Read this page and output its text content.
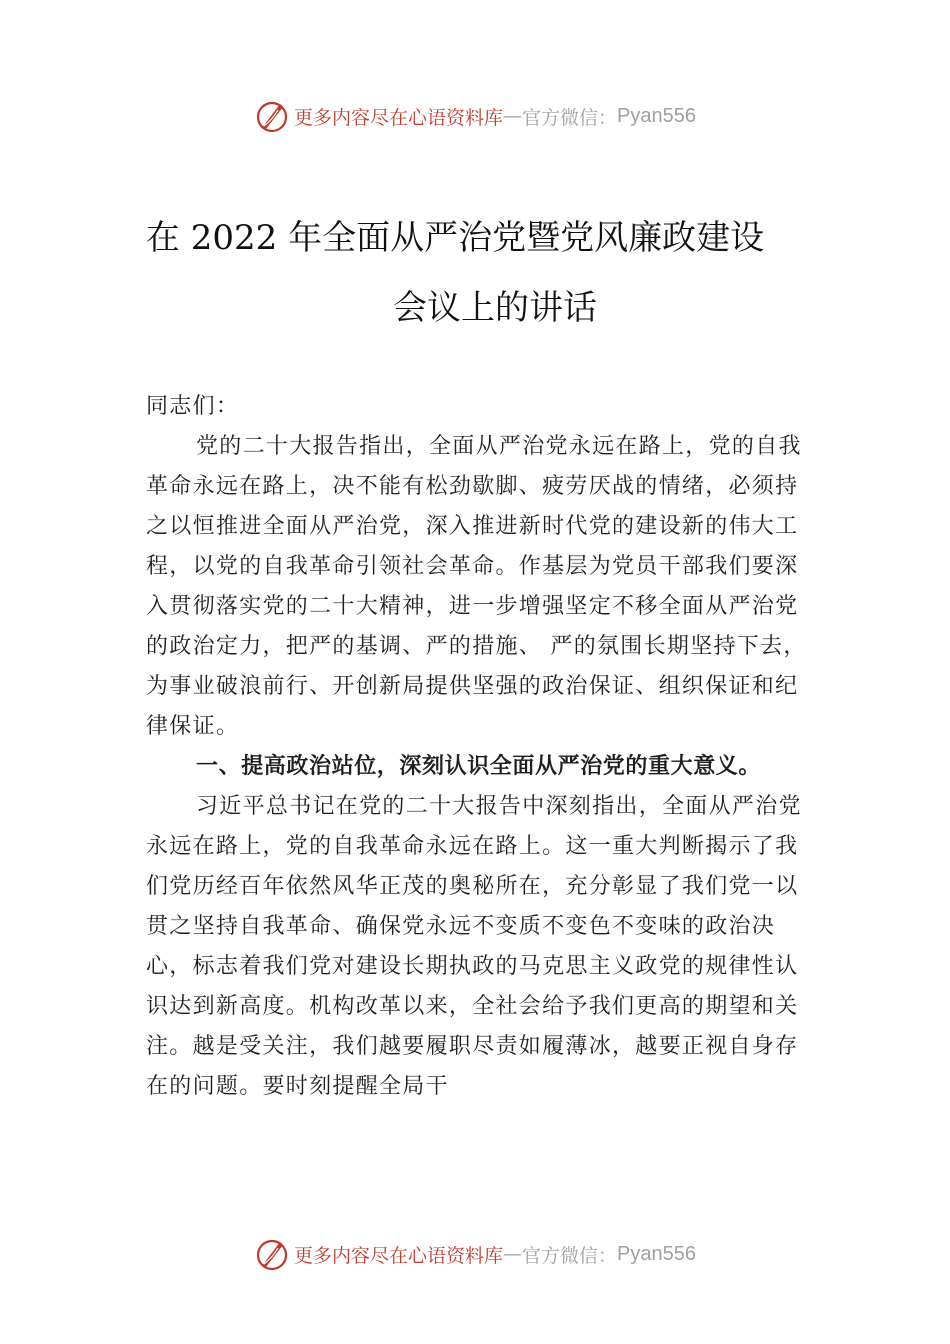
更多内容尽在心语资料库 — 官方微信： Pyan556
在 2022 年全面从严治党暨党风廉政建设
会议上的讲话

同志们：

党的二十大报告指出，全面从严治党永远在路上，党的自我革命永远在路上，决不能有松劲歇脚、疲劳厌战的情绪，必须持之以恒推进全面从严治党，深入推进新时代党的建设新的伟大工程，以党的自我革命引领社会革命。作基层为党员干部我们要深入贯彻落实党的二十大精神，进一步增强坚定不移全面从严治党的政治定力，把严的基调、严的措施、 严的氛围长期坚持下去，为事业破浪前行、开创新局提供坚强的政治保证、组织保证和纪律保证。

一、提高政治站位，深刻认识全面从严治党的重大意义。

习近平总书记在党的二十大报告中深刻指出，全面从严治党永远在路上，党的自我革命永远在路上。这一重大判断揭示了我们党历经百年依然风华正茂的奥秘所在，充分彰显了我们党一以贯之坚持自我革命、确保党永远不变质不变色不变味的政治决心，标志着我们党对建设长期执政的马克思主义政党的规律性认识达到新高度。机构改革以来，全社会给予我们更高的期望和关注。越是受关注，我们越要履职尽责如履薄冰，越要正视自身存在的问题。要时刻提醒全局干

更多内容尽在心语资料库 — 官方微信： Pyan556
